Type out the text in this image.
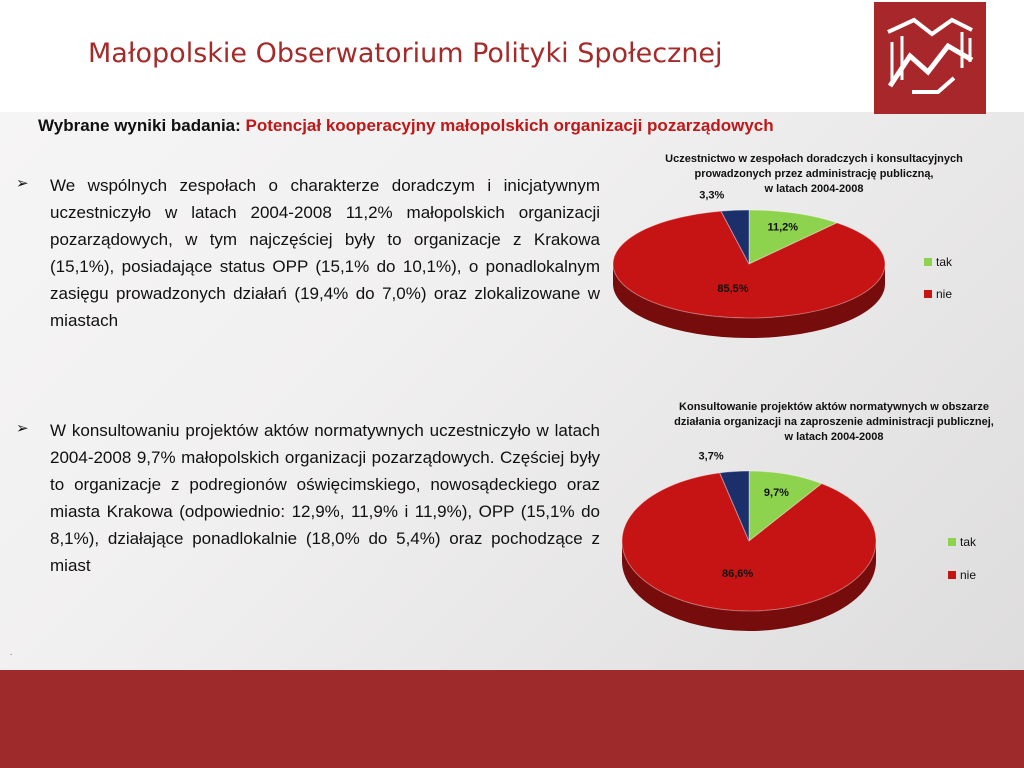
Małopolskie Obserwatorium Polityki Społecznej
Wybrane wyniki badania: Potencjał kooperacyjny małopolskich organizacji pozarządowych
➢ We wspólnych zespołach o charakterze doradczym i inicjatywnym uczestniczyło w latach 2004-2008 11,2% małopolskich organizacji pozarządowych, w tym najczęściej były to organizacje z Krakowa (15,1%), posiadające status OPP (15,1% do 10,1%), o ponadlokalnym zasięgu prowadzonych działań (19,4% do 7,0%) oraz zlokalizowane w miastach
➢ W konsultowaniu projektów aktów normatywnych uczestniczyło w latach 2004-2008 9,7% małopolskich organizacji pozarządowych. Częściej były to organizacje z podregionów oświęcimskiego, nowosądeckiego oraz miasta Krakowa (odpowiednio: 12,9%, 11,9% i 11,9%), OPP (15,1% do 8,1%), działające ponadlokalnie (18,0% do 5,4%) oraz pochodzące z miast
.
Uczestnictwo w zespołach doradczych i konsultacyjnych
prowadzonych przez administrację publiczną,
w latach 2004-2008
11,2%
85,5%
3,3%
tak
nie
Konsultowanie projektów aktów normatywnych w obszarze
działania organizacji na zaproszenie administracji publicznej,
w latach 2004-2008
9,7%
86,6%
3,7%
tak
nie
